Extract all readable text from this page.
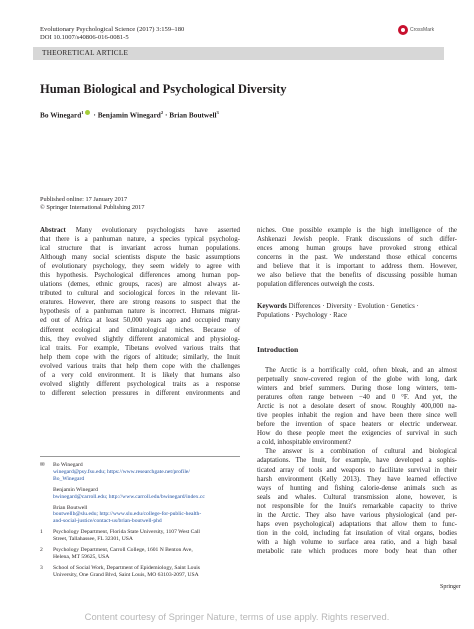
Evolutionary Psychological Science (2017) 3:159–180
DOI 10.1007/s40806-016-0081-5
CrossMark
THEORETICAL ARTICLE
Human Biological and Psychological Diversity
Bo Winegard$^1$ · Benjamin Winegard$^2$ · Brian Boutwell$^3$
Published online: 17 January 2017
© Springer International Publishing 2017
Abstract Many evolutionary psychologists have asserted
that there is a panhuman nature, a species typical psycholog-
ical structure that is invariant across human populations.
Although many social scientists dispute the basic assumptions
of evolutionary psychology, they seem widely to agree with
this hypothesis. Psychological differences among human pop-
ulations (demes, ethnic groups, races) are almost always at-
tributed to cultural and sociological forces in the relevant lit-
eratures. However, there are strong reasons to suspect that the
hypothesis of a panhuman nature is incorrect. Humans migrat-
ed out of Africa at least 50,000 years ago and occupied many
different ecological and climatological niches. Because of
this, they evolved slightly different anatomical and physiolog-
ical traits. For example, Tibetans evolved various traits that
help them cope with the rigors of altitude; similarly, the Inuit
evolved various traits that help them cope with the challenges
of a very cold environment. It is likely that humans also
evolved slightly different psychological traits as a response
to different selection pressures in different environments and
niches. One possible example is the high intelligence of the
Ashkenazi Jewish people. Frank discussions of such differ-
ences among human groups have provoked strong ethical
concerns in the past. We understand those ethical concerns
and believe that it is important to address them. However,
we also believe that the benefits of discussing possible human
population differences outweigh the costs.
Keywords Differences · Diversity · Evolution · Genetics ·
Populations · Psychology · Race
Introduction
The Arctic is a horrifically cold, often bleak, and an almost
perpetually snow-covered region of the globe with long, dark
winters and brief summers. During those long winters, tem-
peratures often range between −40 and 0 °F. And yet, the
Arctic is not a desolate desert of snow. Roughly 400,000 na-
tive peoples inhabit the region and have been there since well
before the invention of space heaters or electric underwear.
How do these people meet the exigencies of survival in such
a cold, inhospitable environment?
The answer is a combination of cultural and biological
adaptations. The Inuit, for example, have developed a sophis-
ticated array of tools and weapons to facilitate survival in their
harsh environment (Kelly 2013). They have learned effective
ways of hunting and fishing calorie-dense animals such as
seals and whales. Cultural transmission alone, however, is
not responsible for the Inuit's remarkable capacity to thrive
in the Arctic. They also have various physiological (and per-
haps even psychological) adaptations that allow them to func-
tion in the cold, including fat insulation of vital organs, bodies
with a high volume to surface area ratio, and a high basal
metabolic rate which produces more body heat than other
✉ Bo Winegard
winegard@psy.fsu.edu; https://www.researchgate.net/profile/
Bo_Winegard
Benjamin Winegard
bwinegard@carroll.edu; http://www.carroll.edu/bwinegard/index.cc
Brian Boutwell
boutwellb@slu.edu; http://www.slu.edu/college-for-public-health-
and-social-justice/contact-us/brian-boutwell-phd
1 Psychology Department, Florida State University, 1107 West Call
Street, Tallahassee, FL 32301, USA
2 Psychology Department, Carroll College, 1601 N Benton Ave,
Helena, MT 59625, USA
3 School of Social Work, Department of Epidemiology, Saint Louis
University, One Grand Blvd, Saint Louis, MO 63103-2097, USA
Springer
Content courtesy of Springer Nature, terms of use apply. Rights reserved.
